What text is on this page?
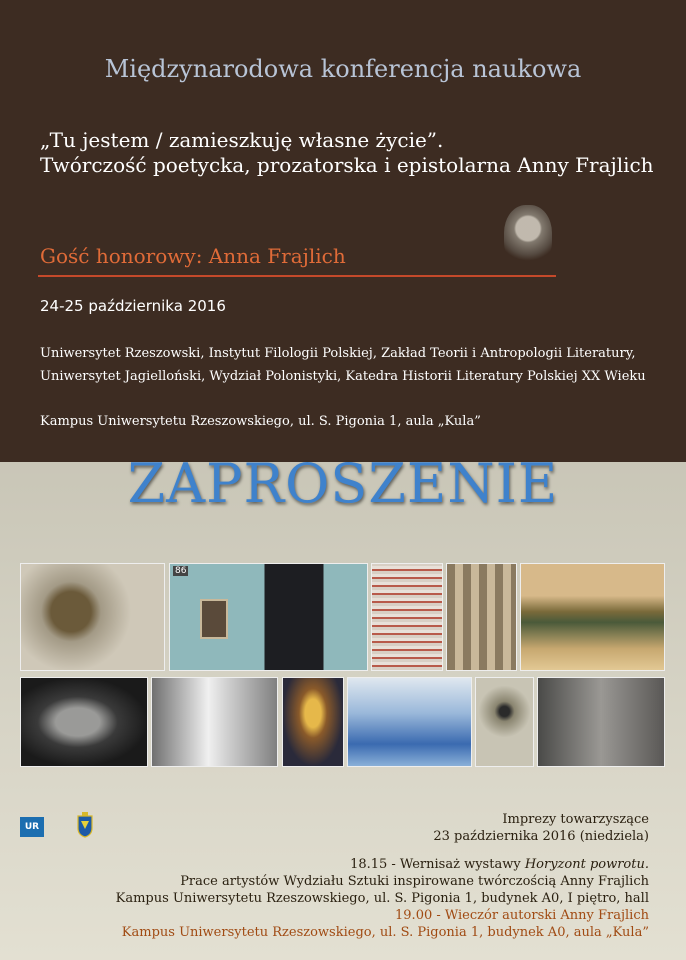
Międzynarodowa konferencja naukowa
„Tu jestem / zamieszkuję własne życie”.
Twórczość poetycka, prozatorska i epistolarna Anny Frajlich
Gość honorowy: Anna Frajlich
24-25 października 2016
Uniwersytet Rzeszowski, Instytut Filologii Polskiej, Zakład Teorii i Antropologii Literatury,
Uniwersytet Jagielloński, Wydział Polonistyki, Katedra Historii Literatury Polskiej XX Wieku
Kampus Uniwersytetu Rzeszowskiego, ul. S. Pigonia 1, aula „Kula”
ZAPROSZENIE
86
UR	Imprezy towarzyszące
23 października 2016 (niedziela)
18.15 - Wernisaż wystawy Horyzont powrotu.
Prace artystów Wydziału Sztuki inspirowane twórczością Anny Frajlich
Kampus Uniwersytetu Rzeszowskiego, ul. S. Pigonia 1, budynek A0, I piętro, hall
19.00 - Wieczór autorski Anny Frajlich
Kampus Uniwersytetu Rzeszowskiego, ul. S. Pigonia 1, budynek A0, aula „Kula”
